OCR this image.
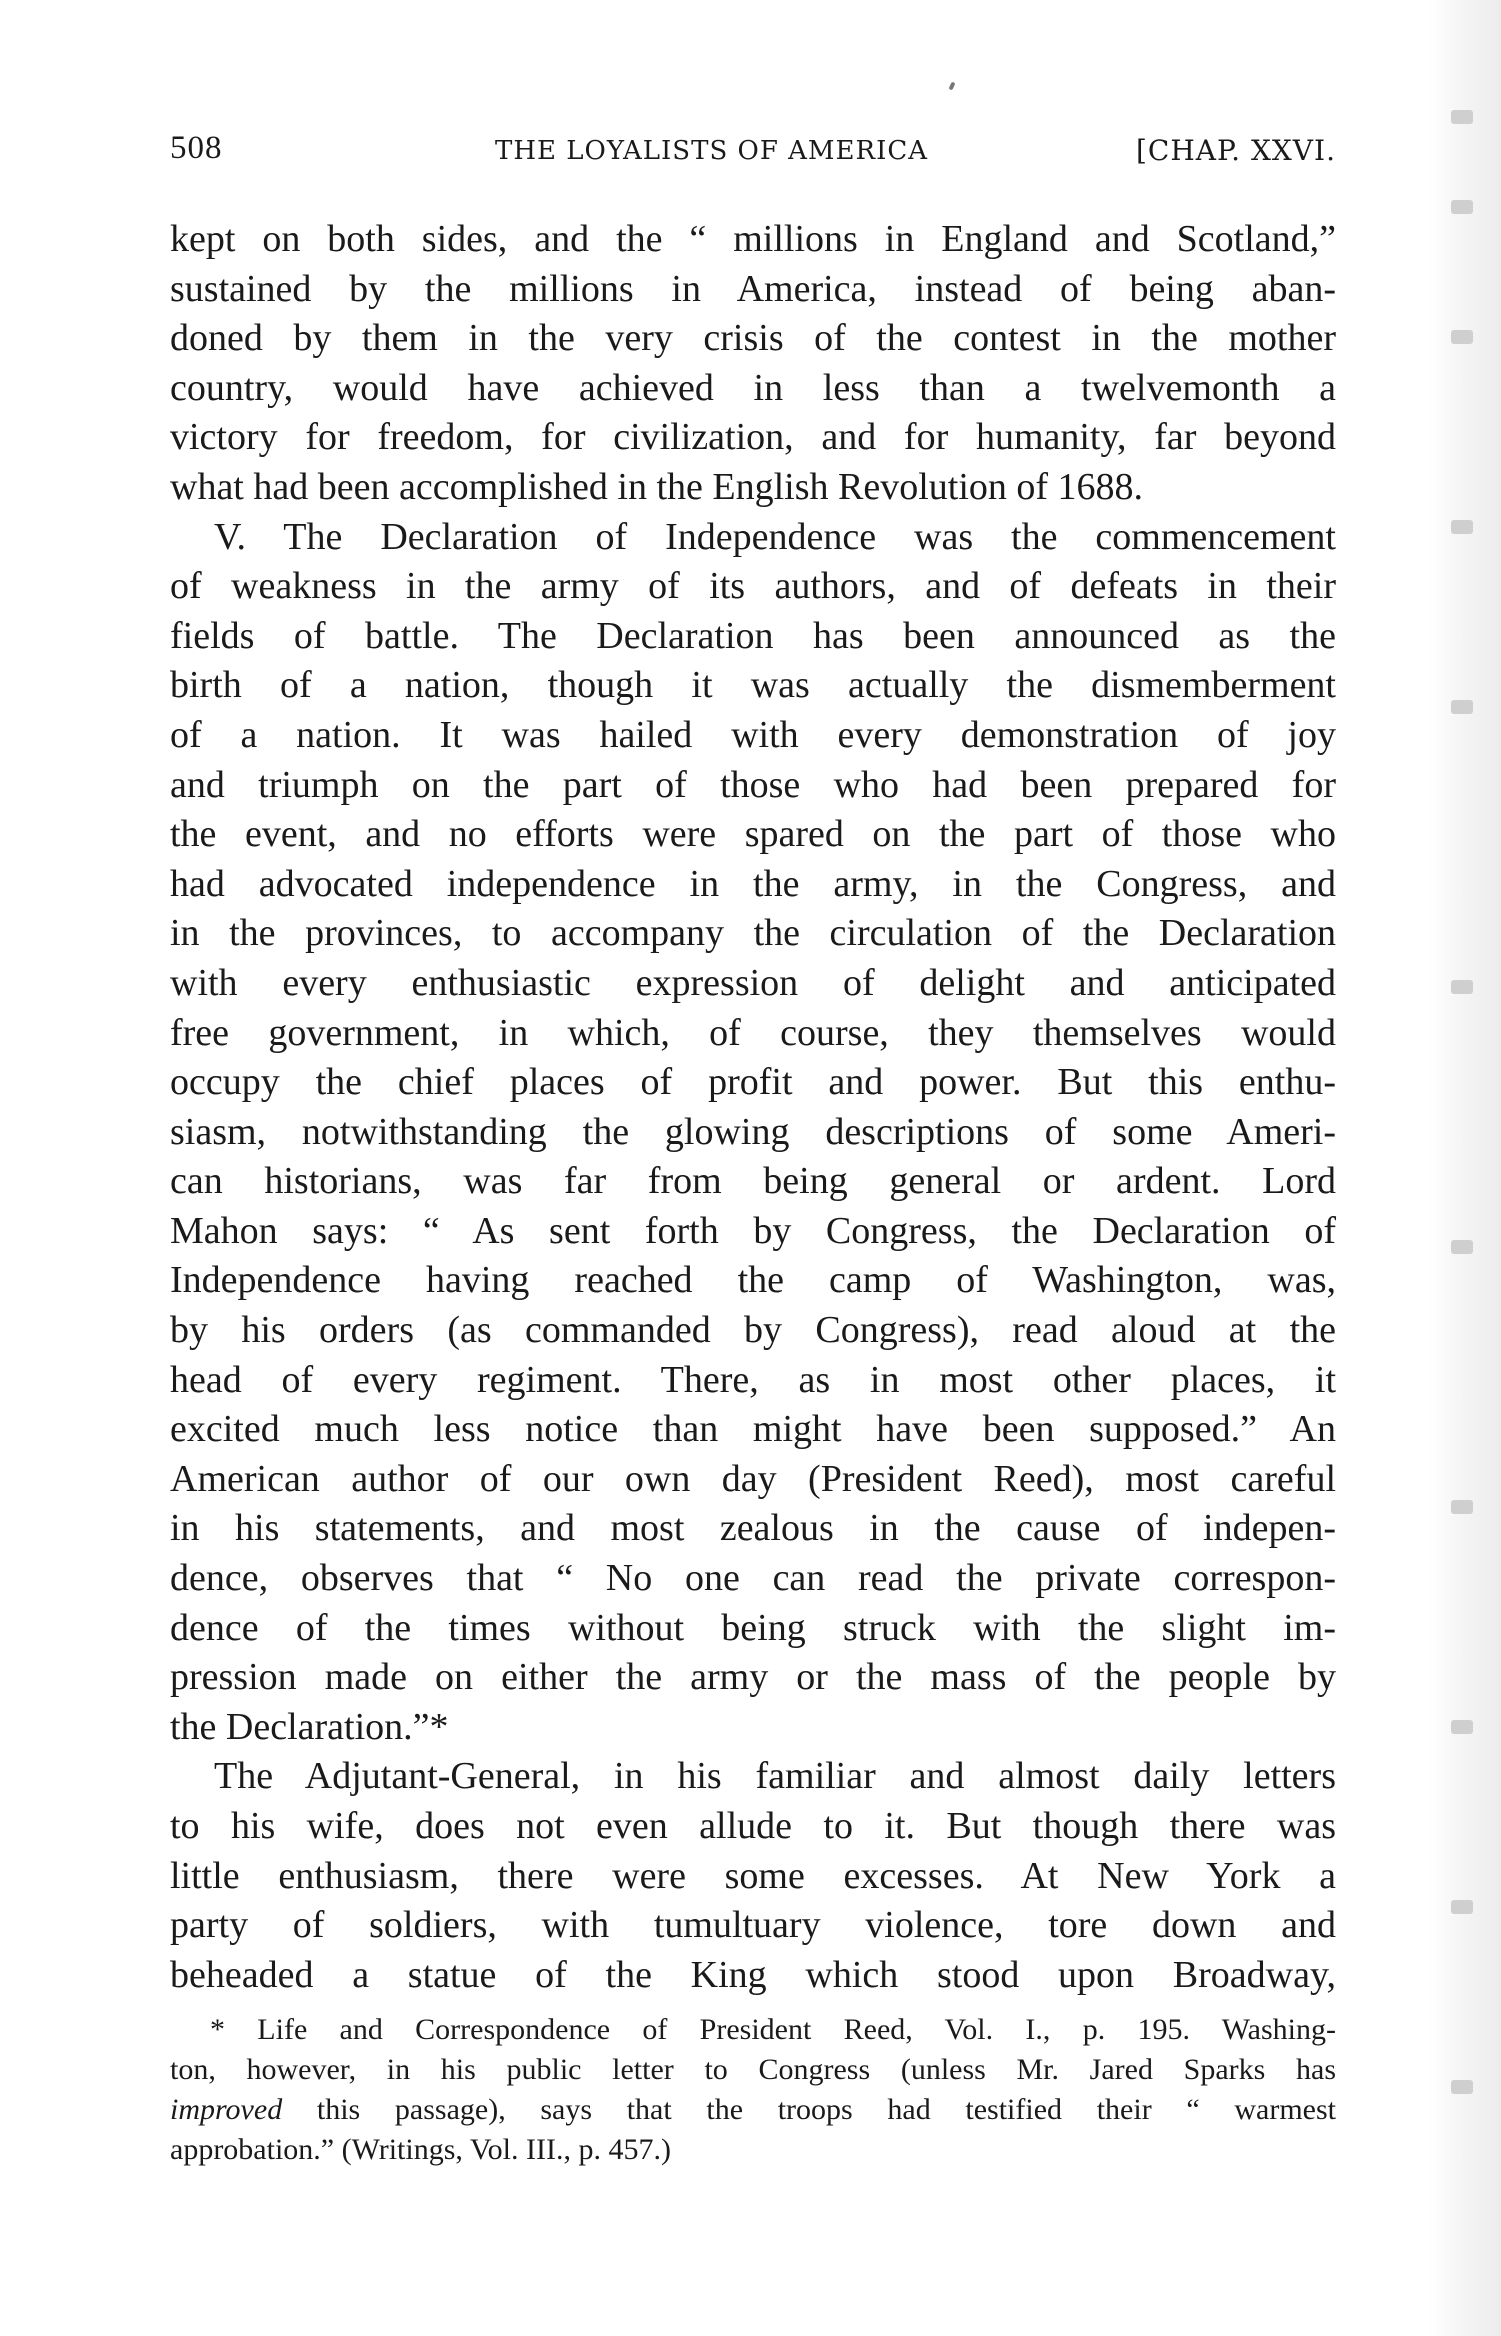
508	THE LOYALISTS OF AMERICA	[CHAP. XXVI.
kept on both sides, and the “ millions in England and Scotland,”
sustained by the millions in America, instead of being aban-
doned by them in the very crisis of the contest in the mother
country, would have achieved in less than a twelvemonth a
victory for freedom, for civilization, and for humanity, far beyond
what had been accomplished in the English Revolution of 1688.
V. The Declaration of Independence was the commencement
of weakness in the army of its authors, and of defeats in their
fields of battle. The Declaration has been announced as the
birth of a nation, though it was actually the dismemberment
of a nation. It was hailed with every demonstration of joy
and triumph on the part of those who had been prepared for
the event, and no efforts were spared on the part of those who
had advocated independence in the army, in the Congress, and
in the provinces, to accompany the circulation of the Declaration
with every enthusiastic expression of delight and anticipated
free government, in which, of course, they themselves would
occupy the chief places of profit and power. But this enthu-
siasm, notwithstanding the glowing descriptions of some Ameri-
can historians, was far from being general or ardent. Lord
Mahon says: “ As sent forth by Congress, the Declaration of
Independence having reached the camp of Washington, was,
by his orders (as commanded by Congress), read aloud at the
head of every regiment. There, as in most other places, it
excited much less notice than might have been supposed.” An
American author of our own day (President Reed), most careful
in his statements, and most zealous in the cause of indepen-
dence, observes that “ No one can read the private correspon-
dence of the times without being struck with the slight im-
pression made on either the army or the mass of the people by
the Declaration.”*
The Adjutant-General, in his familiar and almost daily letters
to his wife, does not even allude to it. But though there was
little enthusiasm, there were some excesses. At New York a
party of soldiers, with tumultuary violence, tore down and
beheaded a statue of the King which stood upon Broadway,
* Life and Correspondence of President Reed, Vol. I., p. 195. Washing-
ton, however, in his public letter to Congress (unless Mr. Jared Sparks has
improved this passage), says that the troops had testified their “ warmest
approbation.” (Writings, Vol. III., p. 457.)
